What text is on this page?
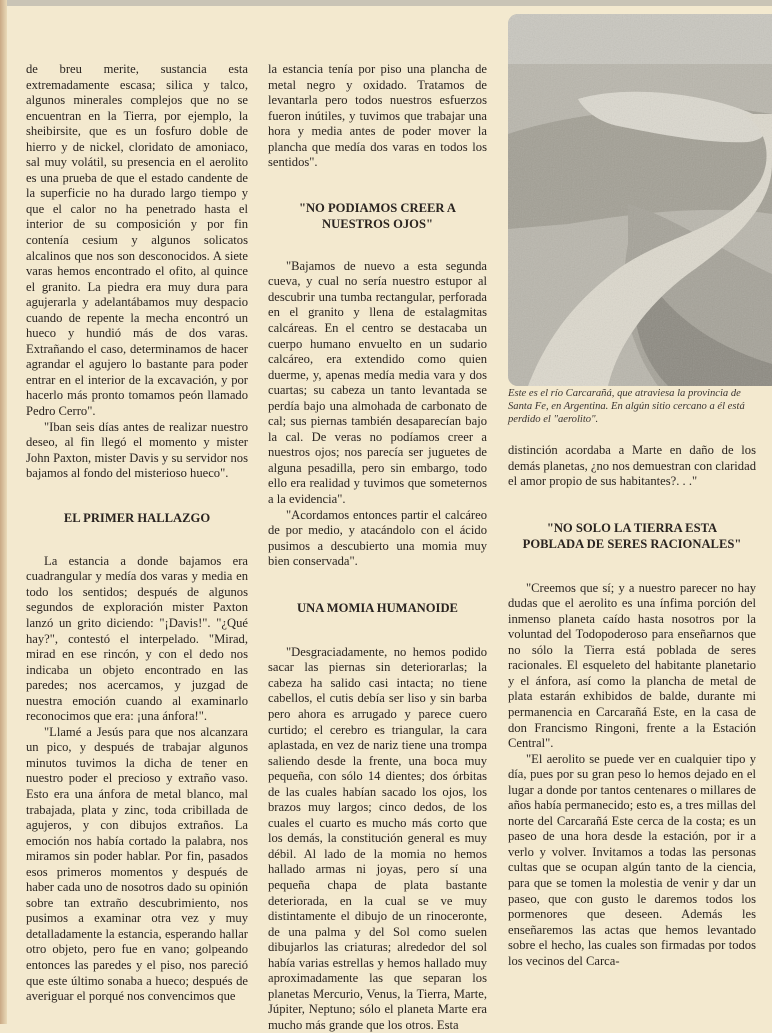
de breu merite, sustancia esta extremadamente escasa; silica y talco, algunos minerales complejos que no se encuentran en la Tierra, por ejemplo, la sheibirsite, que es un fosfuro doble de hierro y de nickel, cloridato de amoniaco, sal muy volátil, su presencia en el aerolito es una prueba de que el estado candente de la superficie no ha durado largo tiempo y que el calor no ha penetrado hasta el interior de su composición y por fin contenía cesium y algunos solicatos alcalinos que nos son desconocidos. A siete varas hemos encontrado el ofito, al quince el granito. La piedra era muy dura para agujerarla y adelantábamos muy despacio cuando de repente la mecha encontró un hueco y hundió más de dos varas. Extrañando el caso, determinamos de hacer agrandar el agujero lo bastante para poder entrar en el interior de la excavación, y por hacerlo más pronto tomamos peón llamado Pedro Cerro".

"Iban seis días antes de realizar nuestro deseo, al fin llegó el momento y mister John Paxton, mister Davis y su servidor nos bajamos al fondo del misterioso hueco".

EL PRIMER HALLAZGO

La estancia a donde bajamos era cuadrangular y medía dos varas y media en todo los sentidos; después de algunos segundos de exploración mister Paxton lanzó un grito diciendo: "¡Davis!". "¿Qué hay?", contestó el interpelado. "Mirad, mirad en ese rincón, y con el dedo nos indicaba un objeto encontrado en las paredes; nos acercamos, y juzgad de nuestra emoción cuando al examinarlo reconocimos que era: ¡una ánfora!".

"Llamé a Jesús para que nos alcanzara un pico, y después de trabajar algunos minutos tuvimos la dicha de tener en nuestro poder el precioso y extraño vaso. Esto era una ánfora de metal blanco, mal trabajada, plata y zinc, toda cribillada de agujeros, y con dibujos extraños. La emoción nos había cortado la palabra, nos miramos sin poder hablar. Por fin, pasados esos primeros momentos y después de haber cada uno de nosotros dado su opinión sobre tan extraño descubrimiento, nos pusimos a examinar otra vez y muy detalladamente la estancia, esperando hallar otro objeto, pero fue en vano; golpeando entonces las paredes y el piso, nos pareció que este último sonaba a hueco; después de averiguar el porqué nos convencimos que

la estancia tenía por piso una plancha de metal negro y oxidado. Tratamos de levantarla pero todos nuestros esfuerzos fueron inútiles, y tuvimos que trabajar una hora y media antes de poder mover la plancha que medía dos varas en todos los sentidos".

"NO PODIAMOS CREER A
NUESTROS OJOS"

"Bajamos de nuevo a esta segunda cueva, y cual no sería nuestro estupor al descubrir una tumba rectangular, perforada en el granito y llena de estalagmitas calcáreas. En el centro se destacaba un cuerpo humano envuelto en un sudario calcáreo, era extendido como quien duerme, y, apenas medía media vara y dos cuartas; su cabeza un tanto levantada se perdía bajo una almohada de carbonato de cal; sus piernas también desaparecían bajo la cal. De veras no podíamos creer a nuestros ojos; nos parecía ser juguetes de alguna pesadilla, pero sin embargo, todo ello era realidad y tuvimos que someternos a la evidencia".

"Acordamos entonces partir el calcáreo de por medio, y atacándolo con el ácido pusimos a descubierto una momia muy bien conservada".

UNA MOMIA HUMANOIDE

"Desgraciadamente, no hemos podido sacar las piernas sin deteriorarlas; la cabeza ha salido casi intacta; no tiene cabellos, el cutis debía ser liso y sin barba pero ahora es arrugado y parece cuero curtido; el cerebro es triangular, la cara aplastada, en vez de nariz tiene una trompa saliendo desde la frente, una boca muy pequeña, con sólo 14 dientes; dos órbitas de las cuales habían sacado los ojos, los brazos muy largos; cinco dedos, de los cuales el cuarto es mucho más corto que los demás, la constitución general es muy débil. Al lado de la momia no hemos hallado armas ni joyas, pero sí una pequeña chapa de plata bastante deteriorada, en la cual se ve muy distintamente el dibujo de un rinoceronte, de una palma y del Sol como suelen dibujarlos las criaturas; alrededor del sol había varias estrellas y hemos hallado muy aproximadamente las que separan los planetas Mercurio, Venus, la Tierra, Marte, Júpiter, Neptuno; sólo el planeta Marte era mucho más grande que los otros. Esta

Este es el río Carcarañá, que atraviesa la provincia de Santa Fe, en Argentina. En algún sitio cercano a él está perdido el "aerolito".

distinción acordaba a Marte en daño de los demás planetas, ¿no nos demuestran con claridad el amor propio de sus habitantes?. . ."

"NO SOLO LA TIERRA ESTA
POBLADA DE SERES RACIONALES"

"Creemos que sí; y a nuestro parecer no hay dudas que el aerolito es una ínfima porción del inmenso planeta caído hasta nosotros por la voluntad del Todopoderoso para enseñarnos que no sólo la Tierra está poblada de seres racionales. El esqueleto del habitante planetario y el ánfora, así como la plancha de metal de plata estarán exhibidos de balde, durante mi permanencia en Carcarañá Este, en la casa de don Francismo Ringoni, frente a la Estación Central".

"El aerolito se puede ver en cualquier tipo y día, pues por su gran peso lo hemos dejado en el lugar a donde por tantos centenares o millares de años había permanecido; esto es, a tres millas del norte del Carcarañá Este cerca de la costa; es un paseo de una hora desde la estación, por ir a verlo y volver. Invitamos a todas las personas cultas que se ocupan algún tanto de la ciencia, para que se tomen la molestia de venir y dar un paseo, que con gusto le daremos todos los pormenores que deseen. Además les enseñaremos las actas que hemos levantado sobre el hecho, las cuales son firmadas por todos los vecinos del Carca-
